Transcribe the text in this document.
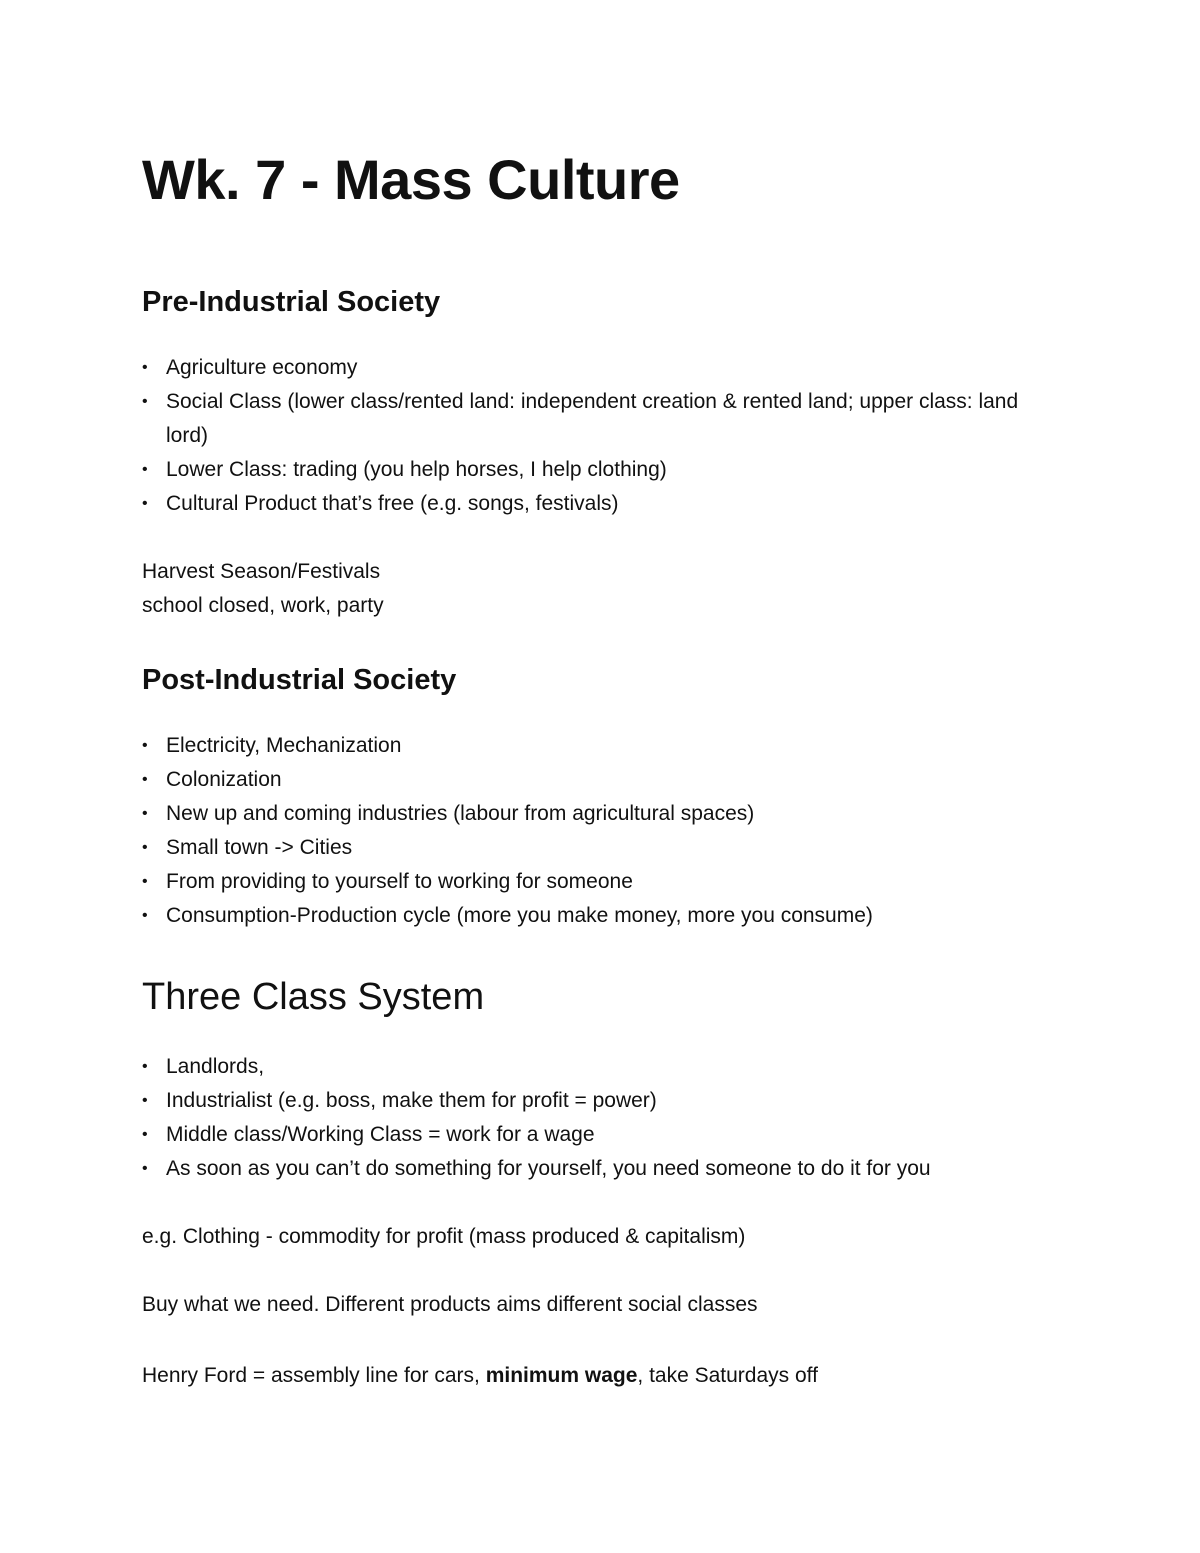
Wk. 7 - Mass Culture
Pre-Industrial Society
• Agriculture economy
• Social Class (lower class/rented land: independent creation & rented land; upper class: land lord)
• Lower Class: trading (you help horses, I help clothing)
• Cultural Product that’s free (e.g. songs, festivals)

Harvest Season/Festivals

school closed, work, party

Post-Industrial Society
• Electricity, Mechanization
• Colonization
• New up and coming industries (labour from agricultural spaces)
• Small town -> Cities
• From providing to yourself to working for someone
• Consumption-Production cycle (more you make money, more you consume)
Three Class System
• Landlords,
• Industrialist (e.g. boss, make them for profit = power)
• Middle class/Working Class = work for a wage
• As soon as you can’t do something for yourself, you need someone to do it for you

e.g. Clothing - commodity for profit (mass produced & capitalism)

Buy what we need. Different products aims different social classes

Henry Ford = assembly line for cars, minimum wage, take Saturdays off
